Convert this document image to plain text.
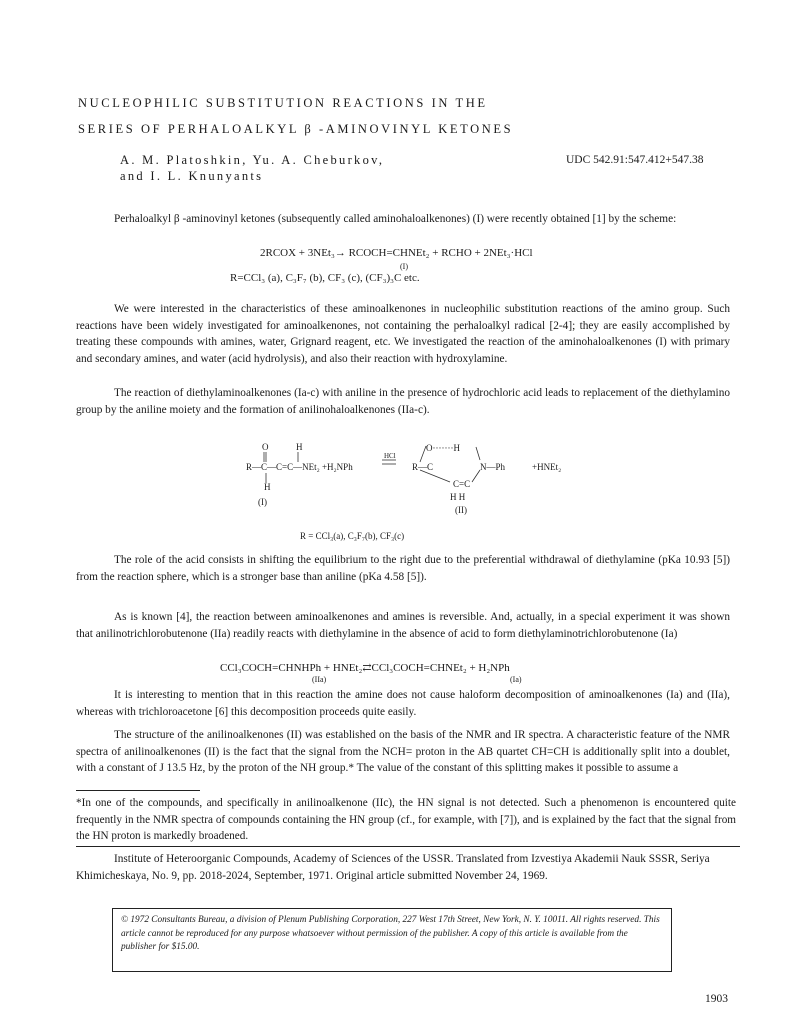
NUCLEOPHILIC SUBSTITUTION REACTIONS IN THE
SERIES OF PERHALOALKYL β -AMINOVINYL KETONES
A. M. Platoshkin, Yu. A. Cheburkov,
and I. L. Knunyants
UDC 542.91:547.412+547.38

Perhaloalkyl β -aminovinyl ketones (subsequently called aminohaloalkenones) (I) were recently obtained [1] by the scheme:

2RCOX + 3NEt₃→ RCOCH=CHNEt₂ + RCHO + 2NEt₃·HCl
(I)
R=CCl₃ (a), C₃F₇ (b), CF₃ (c), (CF₃)₃C etc.

We were interested in the characteristics of these aminoalkenones in nucleophilic substitution reactions of the amino group. Such reactions have been widely investigated for aminoalkenones, not containing the perhaloalkyl radical [2-4]; they are easily accomplished by treating these compounds with amines, water, Grignard reagent, etc. We investigated the reaction of the aminohaloalkenones (I) with primary and secondary amines, and water (acid hydrolysis), and also their reaction with hydroxylamine.

The reaction of diethylaminoalkenones (Ia-c) with aniline in the presence of hydrochloric acid leads to replacement of the diethylamino group by the aniline moiety and the formation of anilinohaloalkenones (IIa-c).

O	H
R—C—C=C—NEt₂ +H₂NPh
H
(I)
HCl
O·······H
R—C	N—Ph
C=C
H H
(II)
+HNEt₂
R = CCl₃(a), C₃F₇(b), CF₃(c)

The role of the acid consists in shifting the equilibrium to the right due to the preferential withdrawal of diethylamine (pKa 10.93 [5]) from the reaction sphere, which is a stronger base than aniline (pKa 4.58 [5]).

As is known [4], the reaction between aminoalkenones and amines is reversible. And, actually, in a special experiment it was shown that anilinotrichlorobutenone (IIa) readily reacts with diethylamine in the absence of acid to form diethylaminotrichlorobutenone (Ia)

CCl₃COCH=CHNHPh + HNEt₂⇄CCl₃COCH=CHNEt₂ + H₂NPh
(IIa)	(Ia)

It is interesting to mention that in this reaction the amine does not cause haloform decomposition of aminoalkenones (Ia) and (IIa), whereas with trichloroacetone [6] this decomposition proceeds quite easily.

The structure of the anilinoalkenones (II) was established on the basis of the NMR and IR spectra. A characteristic feature of the NMR spectra of anilinoalkenones (II) is the fact that the signal from the NCH= proton in the AB quartet CH=CH is additionally split into a doublet, with a constant of J 13.5 Hz, by the proton of the NH group.* The value of the constant of this splitting makes it possible to assume a

*In one of the compounds, and specifically in anilinoalkenone (IIc), the HN signal is not detected. Such a phenomenon is encountered quite frequently in the NMR spectra of compounds containing the HN group (cf., for example, with [7]), and is explained by the fact that the signal from the HN proton is markedly broadened.
Institute of Heteroorganic Compounds, Academy of Sciences of the USSR. Translated from Izvestiya Akademii Nauk SSSR, Seriya Khimicheskaya, No. 9, pp. 2018-2024, September, 1971. Original article submitted November 24, 1969.
© 1972 Consultants Bureau, a division of Plenum Publishing Corporation, 227 West 17th Street, New York, N. Y. 10011. All rights reserved. This article cannot be reproduced for any purpose whatsoever without permission of the publisher. A copy of this article is available from the publisher for $15.00.
1903
